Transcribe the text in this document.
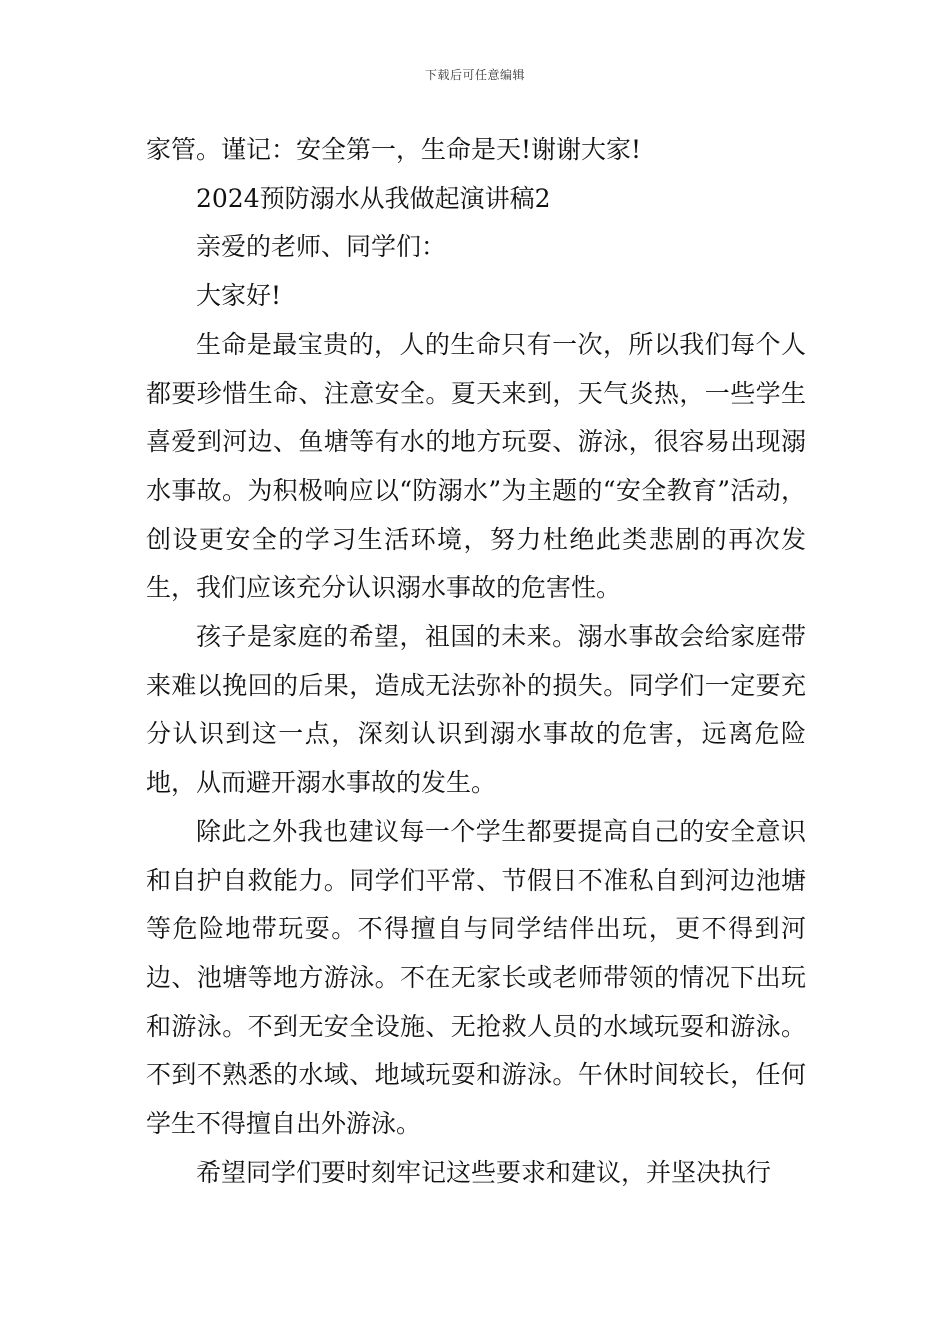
下载后可任意编辑

家管。谨记：安全第一，生命是天!谢谢大家!

2024预防溺水从我做起演讲稿2

亲爱的老师、同学们：

大家好!

生命是最宝贵的，人的生命只有一次，所以我们每个人都要珍惜生命、注意安全。夏天来到，天气炎热，一些学生喜爱到河边、鱼塘等有水的地方玩耍、游泳，很容易出现溺水事故。为积极响应以“防溺水”为主题的“安全教育”活动，创设更安全的学习生活环境，努力杜绝此类悲剧的再次发生，我们应该充分认识溺水事故的危害性。

孩子是家庭的希望，祖国的未来。溺水事故会给家庭带来难以挽回的后果，造成无法弥补的损失。同学们一定要充分认识到这一点，深刻认识到溺水事故的危害，远离危险地，从而避开溺水事故的发生。

除此之外我也建议每一个学生都要提高自己的安全意识和自护自救能力。同学们平常、节假日不准私自到河边池塘等危险地带玩耍。不得擅自与同学结伴出玩，更不得到河边、池塘等地方游泳。不在无家长或老师带领的情况下出玩和游泳。不到无安全设施、无抢救人员的水域玩耍和游泳。不到不熟悉的水域、地域玩耍和游泳。午休时间较长，任何学生不得擅自出外游泳。

希望同学们要时刻牢记这些要求和建议，并坚决执行
